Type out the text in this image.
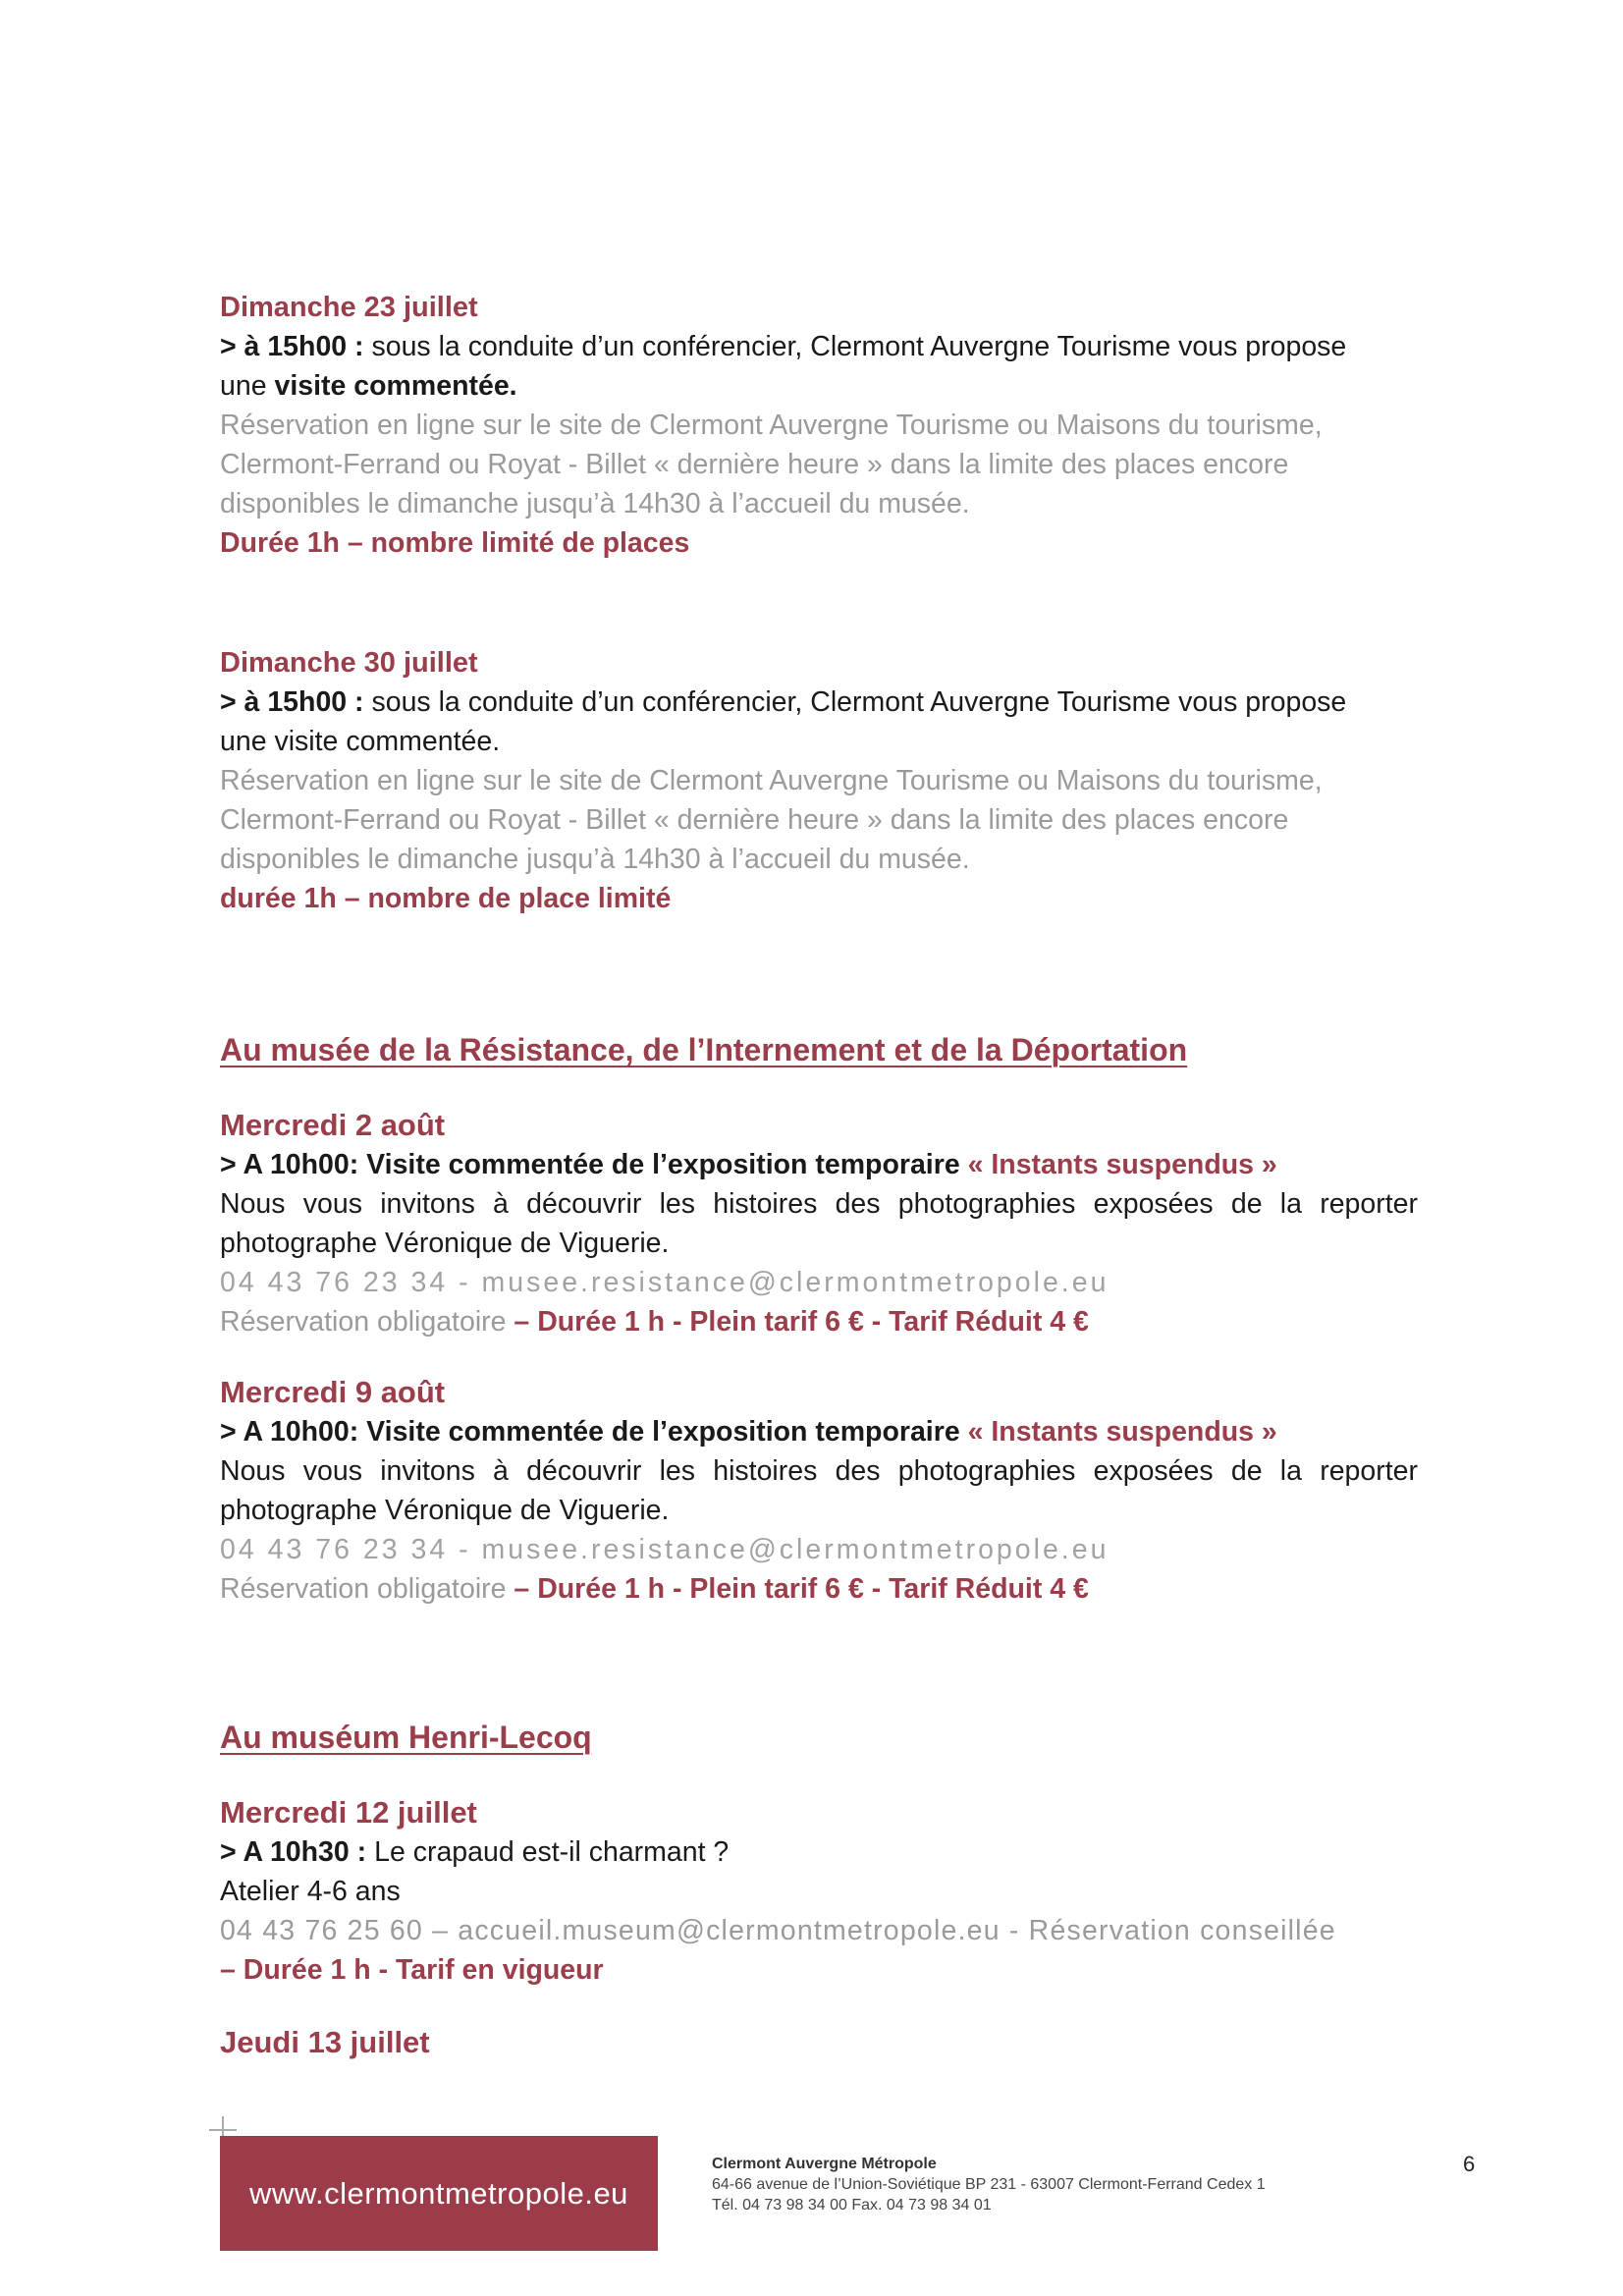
Dimanche 23 juillet
> à 15h00 : sous la conduite d’un conférencier, Clermont Auvergne Tourisme vous propose
une visite commentée.
Réservation en ligne sur le site de Clermont Auvergne Tourisme ou Maisons du tourisme,
Clermont-Ferrand ou Royat - Billet « dernière heure » dans la limite des places encore
disponibles le dimanche jusqu’à 14h30 à l’accueil du musée.
Durée 1h – nombre limité de places
Dimanche 30 juillet
> à 15h00 : sous la conduite d’un conférencier, Clermont Auvergne Tourisme vous propose
une visite commentée.
Réservation en ligne sur le site de Clermont Auvergne Tourisme ou Maisons du tourisme,
Clermont-Ferrand ou Royat - Billet « dernière heure » dans la limite des places encore
disponibles le dimanche jusqu’à 14h30 à l’accueil du musée.
durée 1h – nombre de place limité
Au musée de la Résistance, de l’Internement et de la Déportation
Mercredi 2 août
> A 10h00: Visite commentée de l’exposition temporaire « Instants suspendus »
Nous vous invitons à découvrir les histoires des photographies exposées de la reporter photographe Véronique de Viguerie.
04 43 76 23 34 - musee.resistance@clermontmetropole.eu
Réservation obligatoire – Durée 1 h - Plein tarif 6 € - Tarif Réduit 4 €
Mercredi 9 août
> A 10h00: Visite commentée de l’exposition temporaire « Instants suspendus »
Nous vous invitons à découvrir les histoires des photographies exposées de la reporter photographe Véronique de Viguerie.
04 43 76 23 34 - musee.resistance@clermontmetropole.eu
Réservation obligatoire – Durée 1 h - Plein tarif 6 € - Tarif Réduit 4 €
Au muséum Henri-Lecoq
Mercredi 12 juillet
> A 10h30 : Le crapaud est-il charmant ?
Atelier 4-6 ans
04 43 76 25 60 – accueil.museum@clermontmetropole.eu - Réservation conseillée
– Durée 1 h - Tarif en vigueur
Jeudi 13 juillet
www.clermontmetropole.eu
Clermont Auvergne Métropole
64-66 avenue de l’Union-Soviétique BP 231 - 63007 Clermont-Ferrand Cedex 1
Tél. 04 73 98 34 00 Fax. 04 73 98 34 01
6
